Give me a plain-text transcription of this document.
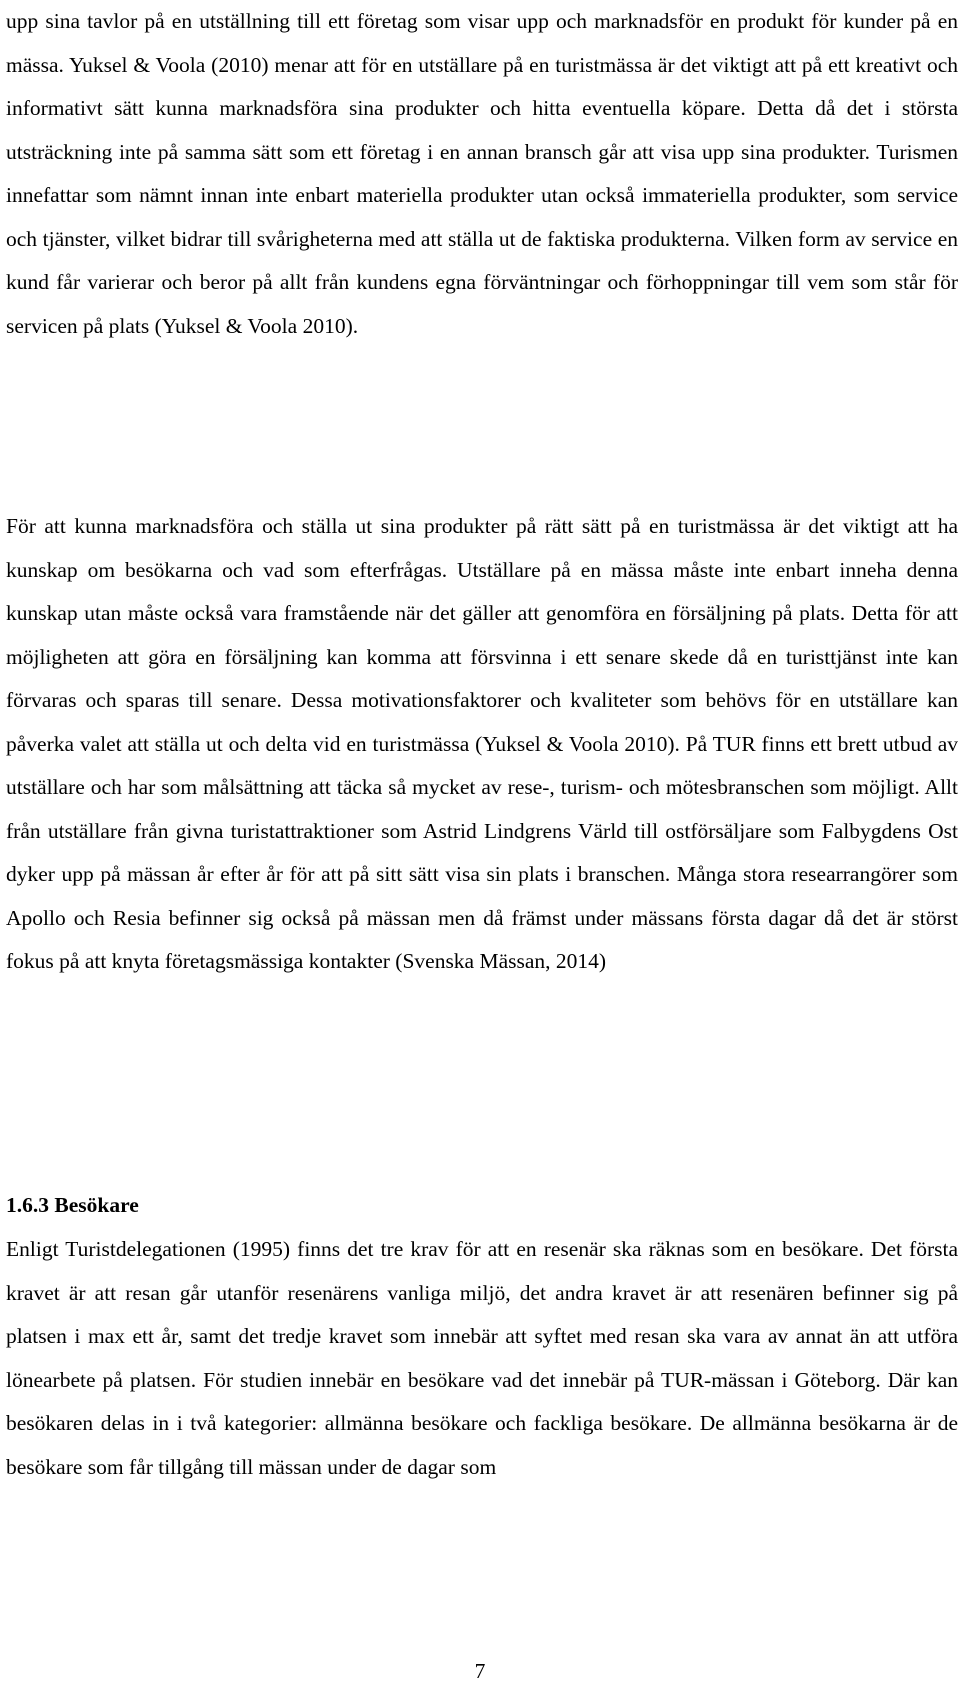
upp sina tavlor på en utställning till ett företag som visar upp och marknadsför en produkt för kunder på en mässa. Yuksel & Voola (2010) menar att för en utställare på en turistmässa är det viktigt att på ett kreativt och informativt sätt kunna marknadsföra sina produkter och hitta eventuella köpare. Detta då det i största utsträckning inte på samma sätt som ett företag i en annan bransch går att visa upp sina produkter. Turismen innefattar som nämnt innan inte enbart materiella produkter utan också immateriella produkter, som service och tjänster, vilket bidrar till svårigheterna med att ställa ut de faktiska produkterna. Vilken form av service en kund får varierar och beror på allt från kundens egna förväntningar och förhoppningar till vem som står för servicen på plats (Yuksel & Voola 2010).

För att kunna marknadsföra och ställa ut sina produkter på rätt sätt på en turistmässa är det viktigt att ha kunskap om besökarna och vad som efterfrågas. Utställare på en mässa måste inte enbart inneha denna kunskap utan måste också vara framstående när det gäller att genomföra en försäljning på plats. Detta för att möjligheten att göra en försäljning kan komma att försvinna i ett senare skede då en turisttjänst inte kan förvaras och sparas till senare. Dessa motivationsfaktorer och kvaliteter som behövs för en utställare kan påverka valet att ställa ut och delta vid en turistmässa (Yuksel & Voola 2010). På TUR finns ett brett utbud av utställare och har som målsättning att täcka så mycket av rese-, turism- och mötesbranschen som möjligt. Allt från utställare från givna turistattraktioner som Astrid Lindgrens Värld till ostförsäljare som Falbygdens Ost dyker upp på mässan år efter år för att på sitt sätt visa sin plats i branschen. Många stora researrangörer som Apollo och Resia befinner sig också på mässan men då främst under mässans första dagar då det är störst fokus på att knyta företagsmässiga kontakter (Svenska Mässan, 2014)

1.6.3 Besökare

Enligt Turistdelegationen (1995) finns det tre krav för att en resenär ska räknas som en besökare. Det första kravet är att resan går utanför resenärens vanliga miljö, det andra kravet är att resenären befinner sig på platsen i max ett år, samt det tredje kravet som innebär att syftet med resan ska vara av annat än att utföra lönearbete på platsen. För studien innebär en besökare vad det innebär på TUR-mässan i Göteborg. Där kan besökaren delas in i två kategorier: allmänna besökare och fackliga besökare. De allmänna besökarna är de besökare som får tillgång till mässan under de dagar som

7
